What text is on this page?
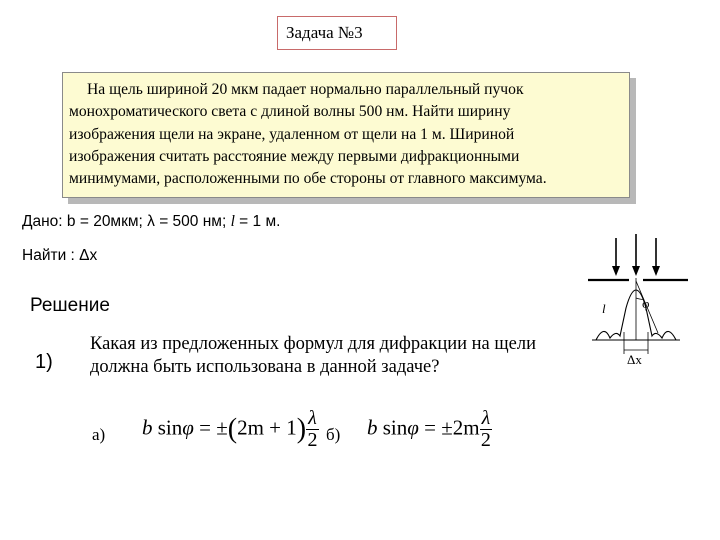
Задача №3
На щель шириной 20 мкм падает нормально параллельный пучок
монохроматического света с длиной волны 500 нм. Найти ширину
изображения щели на экране, удаленном от щели на 1 м. Шириной
изображения считать расстояние между первыми дифракционными
минимумами, расположенными по обе стороны от главного максимума.
Дано: b = 20мкм; λ = 500 нм; l = 1 м.
Найти : Δx
Решение
1)
Какая из предложенных формул для дифракции на щели
должна быть использована в данной задаче?
а) b $\sin\varphi = \pm(2m + 1) \frac{\lambda}{2} б$) b $\sin\varphi = \pm 2m \frac{\lambda}{2}$
l	φ
Δx
